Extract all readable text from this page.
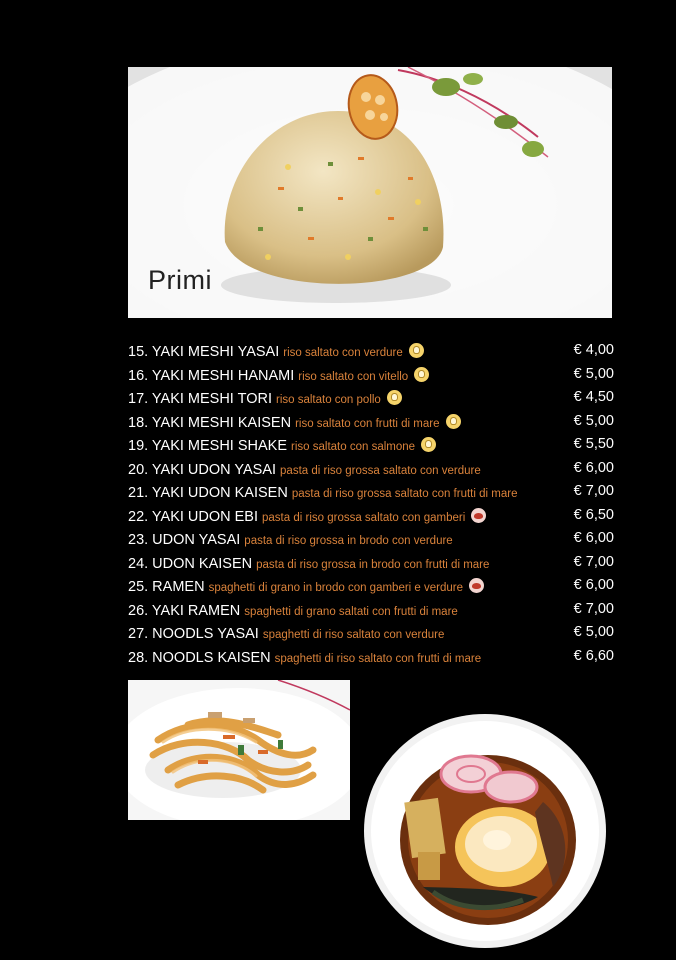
Primi
15. YAKI MESHI YASAI riso saltato con verdure	€ 4,00
16. YAKI MESHI HANAMI riso saltato con vitello	€ 5,00
17. YAKI MESHI TORI riso saltato con pollo	€ 4,50
18. YAKI MESHI KAISEN riso saltato con frutti di mare	€ 5,00
19. YAKI MESHI SHAKE riso saltato con salmone	€ 5,50
20. YAKI UDON YASAI pasta di riso grossa saltato con verdure	€ 6,00
21. YAKI UDON KAISEN pasta di riso grossa saltato con frutti di mare	€ 7,00
22. YAKI UDON EBI pasta di riso grossa saltato con gamberi	€ 6,50
23. UDON YASAI pasta di riso grossa in brodo con verdure	€ 6,00
24. UDON KAISEN pasta di riso grossa in brodo con frutti di mare	€ 7,00
25. RAMEN spaghetti di grano in brodo con gamberi e verdure	€ 6,00
26. YAKI RAMEN spaghetti di grano saltati con frutti di mare	€ 7,00
27. NOODLS YASAI spaghetti di riso saltato con verdure	€ 5,00
28. NOODLS KAISEN spaghetti di riso saltato con frutti di mare	€ 6,60
